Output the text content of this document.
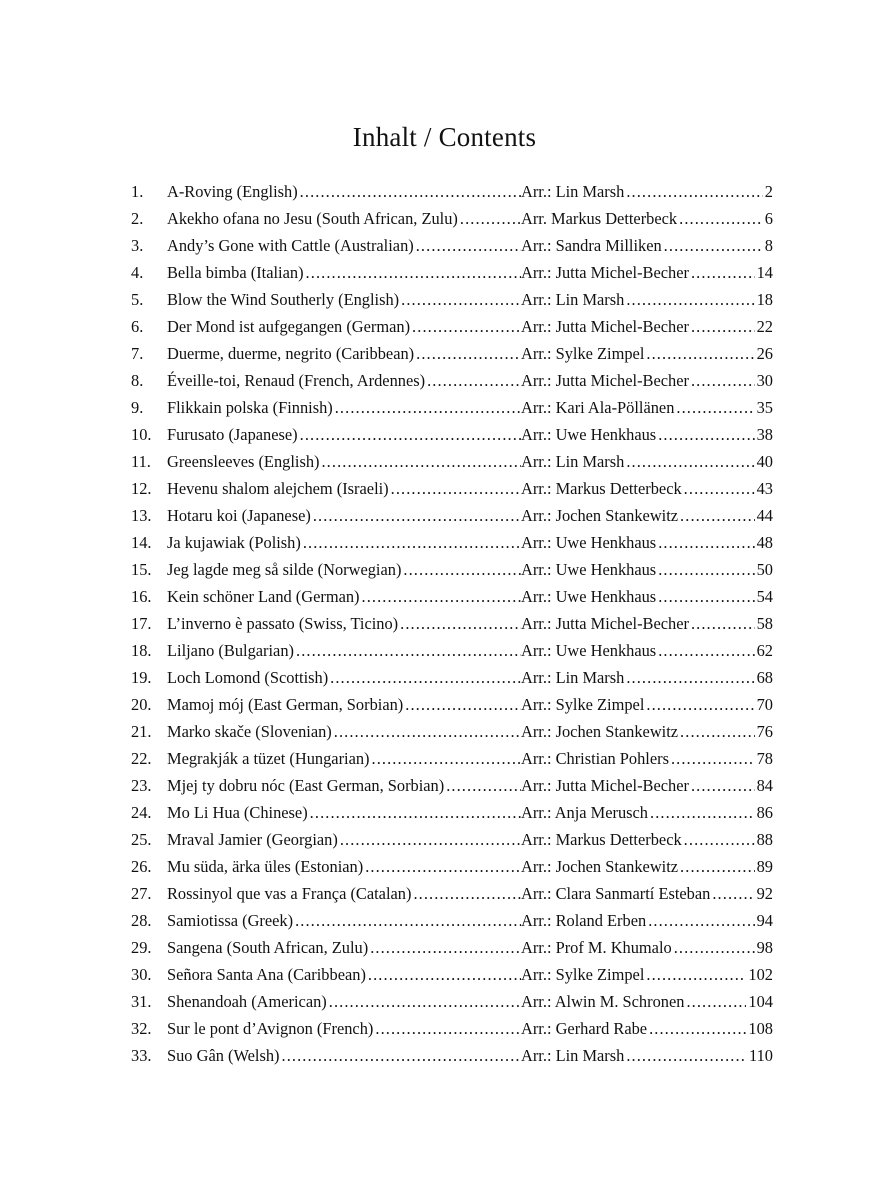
Inhalt / Contents
1. A-Roving (English) .....	Arr.: Lin Marsh .....	2
2. Akekho ofana no Jesu (South African, Zulu) .....	Arr. Markus Detterbeck .....	6
3. Andy’s Gone with Cattle (Australian) .....	Arr.: Sandra Milliken .....	8
4. Bella bimba (Italian) .....	Arr.: Jutta Michel-Becher .....	14
5. Blow the Wind Southerly (English) .....	Arr.: Lin Marsh .....	18
6. Der Mond ist aufgegangen (German) .....	Arr.: Jutta Michel-Becher .....	22
7. Duerme, duerme, negrito (Caribbean) .....	Arr.: Sylke Zimpel .....	26
8. Éveille-toi, Renaud (French, Ardennes) .....	Arr.: Jutta Michel-Becher .....	30
9. Flikkain polska (Finnish) .....	Arr.: Kari Ala-Pöllänen .....	35
10. Furusato (Japanese) .....	Arr.: Uwe Henkhaus .....	38
11. Greensleeves (English) .....	Arr.: Lin Marsh .....	40
12. Hevenu shalom alejchem (Israeli) .....	Arr.: Markus Detterbeck .....	43
13. Hotaru koi (Japanese) .....	Arr.: Jochen Stankewitz .....	44
14. Ja kujawiak (Polish) .....	Arr.: Uwe Henkhaus .....	48
15. Jeg lagde meg så silde (Norwegian) .....	Arr.: Uwe Henkhaus .....	50
16. Kein schöner Land (German) .....	Arr.: Uwe Henkhaus .....	54
17. L’inverno è passato (Swiss, Ticino) .....	Arr.: Jutta Michel-Becher .....	58
18. Liljano (Bulgarian) .....	Arr.: Uwe Henkhaus .....	62
19. Loch Lomond (Scottish) .....	Arr.: Lin Marsh .....	68
20. Mamoj mój (East German, Sorbian) .....	Arr.: Sylke Zimpel .....	70
21. Marko skače (Slovenian) .....	Arr.: Jochen Stankewitz .....	76
22. Megrakják a tüzet (Hungarian) .....	Arr.: Christian Pohlers .....	78
23. Mjej ty dobru nóc (East German, Sorbian) .....	Arr.: Jutta Michel-Becher .....	84
24. Mo Li Hua (Chinese) .....	Arr.: Anja Merusch .....	86
25. Mraval Jamier (Georgian) .....	Arr.: Markus Detterbeck .....	88
26. Mu süda, ärka üles (Estonian) .....	Arr.: Jochen Stankewitz .....	89
27. Rossinyol que vas a França (Catalan) .....	Arr.: Clara Sanmartí Esteban .....	92
28. Samiotissa (Greek) .....	Arr.: Roland Erben .....	94
29. Sangena (South African, Zulu) .....	Arr.: Prof M. Khumalo .....	98
30. Señora Santa Ana (Caribbean) .....	Arr.: Sylke Zimpel .....	102
31. Shenandoah (American) .....	Arr.: Alwin M. Schronen .....	104
32. Sur le pont d’Avignon (French) .....	Arr.: Gerhard Rabe .....	108
33. Suo Gân (Welsh) .....	Arr.: Lin Marsh .....	110
